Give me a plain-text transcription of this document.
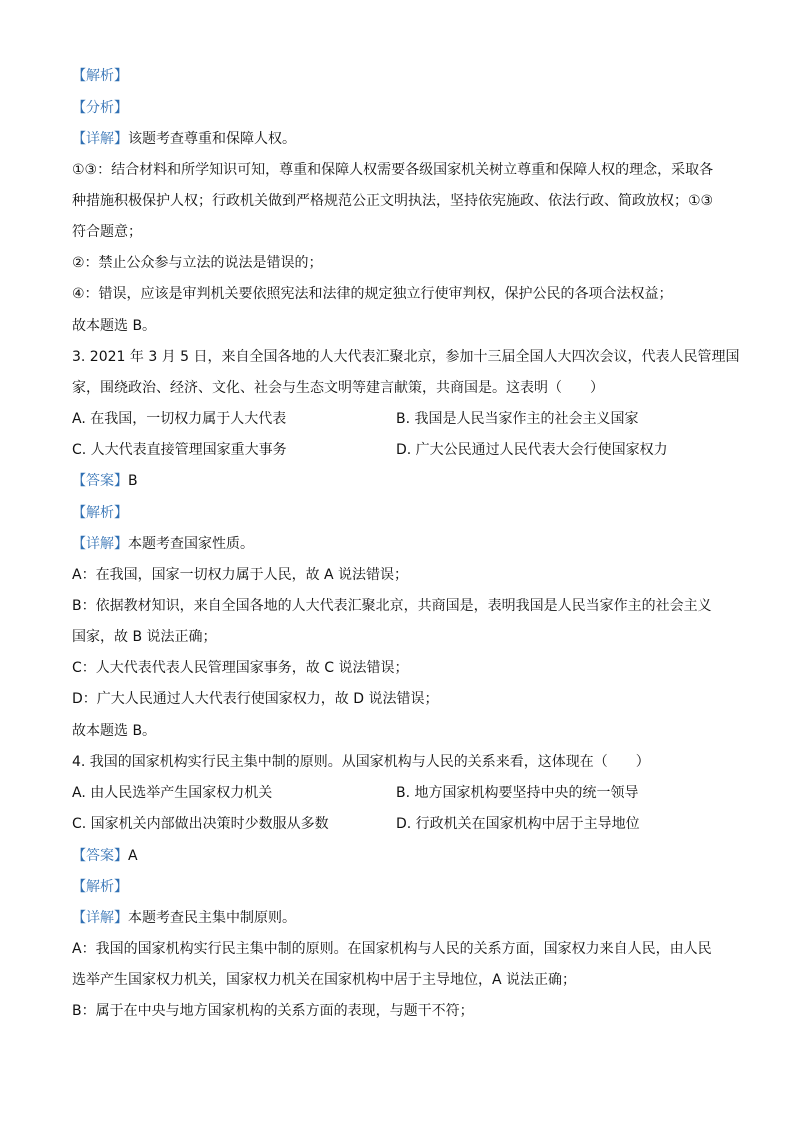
【解析】
【分析】
【详解】该题考查尊重和保障人权。
①③：结合材料和所学知识可知，尊重和保障人权需要各级国家机关树立尊重和保障人权的理念，采取各
种措施积极保护人权；行政机关做到严格规范公正文明执法，坚持依宪施政、依法行政、简政放权；①③
符合题意；
②：禁止公众参与立法的说法是错误的；
④：错误，应该是审判机关要依照宪法和法律的规定独立行使审判权，保护公民的各项合法权益；
故本题选 B。
3. 2021 年 3 月 5 日，来自全国各地的人大代表汇聚北京，参加十三届全国人大四次会议，代表人民管理国
家，围绕政治、经济、文化、社会与生态文明等建言献策，共商国是。这表明（　　）
A. 在我国，一切权力属于人大代表	B. 我国是人民当家作主的社会主义国家
C. 人大代表直接管理国家重大事务	D. 广大公民通过人民代表大会行使国家权力
【答案】B
【解析】
【详解】本题考查国家性质。
A：在我国，国家一切权力属于人民，故 A 说法错误；
B：依据教材知识，来自全国各地的人大代表汇聚北京，共商国是，表明我国是人民当家作主的社会主义
国家，故 B 说法正确；
C：人大代表代表人民管理国家事务，故 C 说法错误；
D：广大人民通过人大代表行使国家权力，故 D 说法错误；
故本题选 B。
4. 我国的国家机构实行民主集中制的原则。从国家机构与人民的关系来看，这体现在（　　）
A. 由人民选举产生国家权力机关	B. 地方国家机构要坚持中央的统一领导
C. 国家机关内部做出决策时少数服从多数	D. 行政机关在国家机构中居于主导地位
【答案】A
【解析】
【详解】本题考查民主集中制原则。
A：我国的国家机构实行民主集中制的原则。在国家机构与人民的关系方面，国家权力来自人民，由人民
选举产生国家权力机关，国家权力机关在国家机构中居于主导地位，A 说法正确；
B：属于在中央与地方国家机构的关系方面的表现，与题干不符；
